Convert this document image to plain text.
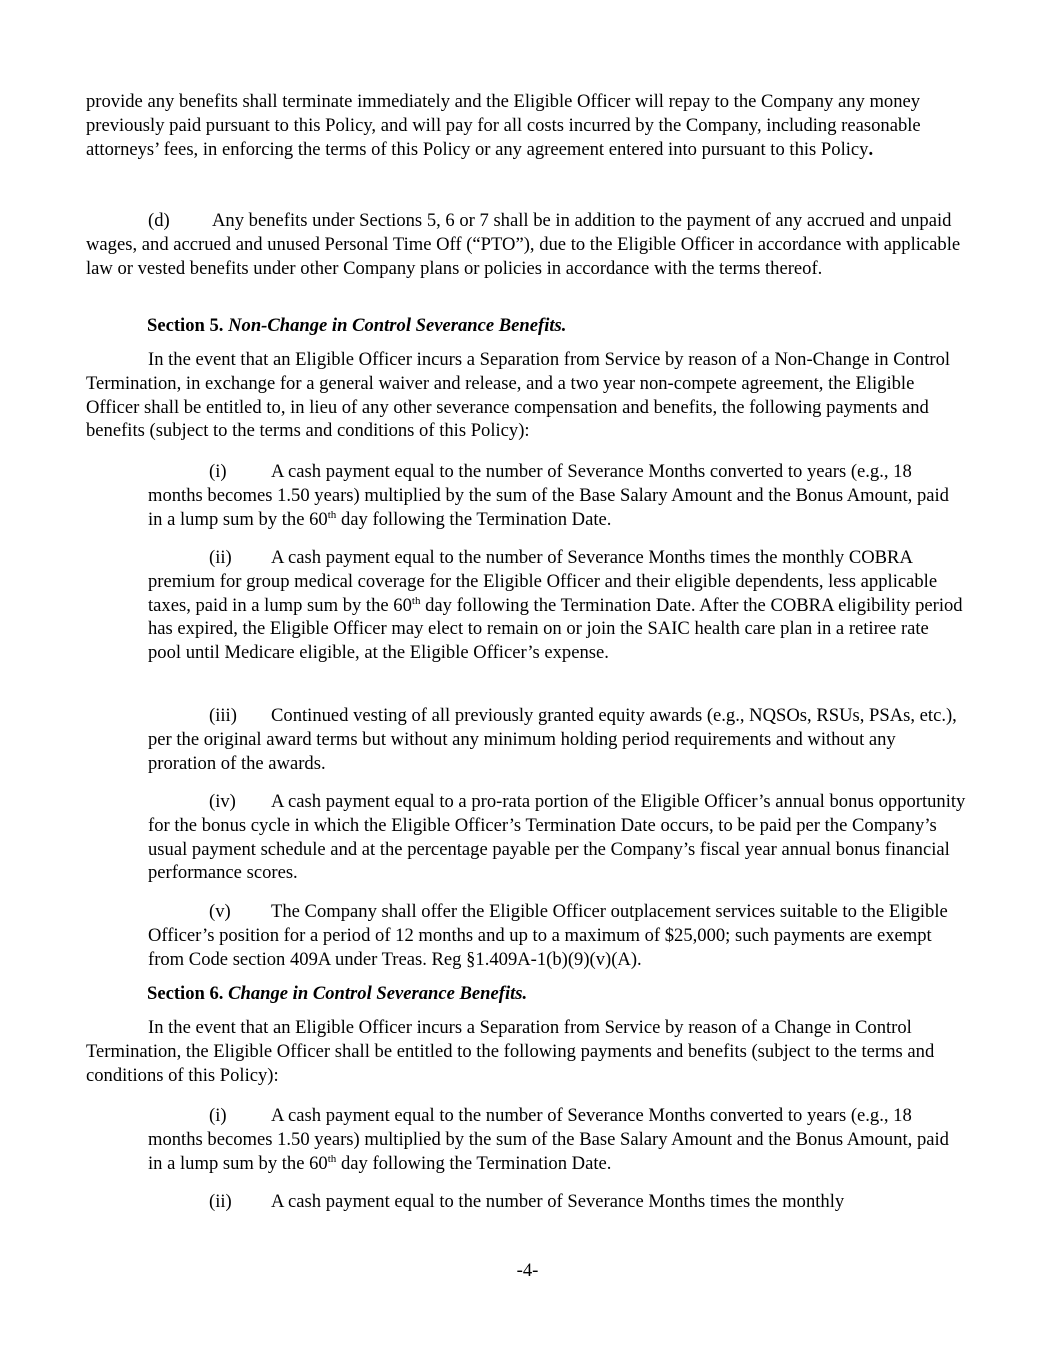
provide any benefits shall terminate immediately and the Eligible Officer will repay to the Company any money previously paid pursuant to this Policy, and will pay for all costs incurred by the Company, including reasonable attorneys’ fees, in enforcing the terms of this Policy or any agreement entered into pursuant to this Policy.

(d) Any benefits under Sections 5, 6 or 7 shall be in addition to the payment of any accrued and unpaid wages, and accrued and unused Personal Time Off (“PTO”), due to the Eligible Officer in accordance with applicable law or vested benefits under other Company plans or policies in accordance with the terms thereof.

Section 5. Non-Change in Control Severance Benefits.

In the event that an Eligible Officer incurs a Separation from Service by reason of a Non-Change in Control Termination, in exchange for a general waiver and release, and a two year non-compete agreement, the Eligible Officer shall be entitled to, in lieu of any other severance compensation and benefits, the following payments and benefits (subject to the terms and conditions of this Policy):

(i) A cash payment equal to the number of Severance Months converted to years (e.g., 18 months becomes 1.50 years) multiplied by the sum of the Base Salary Amount and the Bonus Amount, paid in a lump sum by the 60th day following the Termination Date.

(ii) A cash payment equal to the number of Severance Months times the monthly COBRA premium for group medical coverage for the Eligible Officer and their eligible dependents, less applicable taxes, paid in a lump sum by the 60th day following the Termination Date. After the COBRA eligibility period has expired, the Eligible Officer may elect to remain on or join the SAIC health care plan in a retiree rate pool until Medicare eligible, at the Eligible Officer’s expense.

(iii) Continued vesting of all previously granted equity awards (e.g., NQSOs, RSUs, PSAs, etc.), per the original award terms but without any minimum holding period requirements and without any proration of the awards.

(iv) A cash payment equal to a pro-rata portion of the Eligible Officer’s annual bonus opportunity for the bonus cycle in which the Eligible Officer’s Termination Date occurs, to be paid per the Company’s usual payment schedule and at the percentage payable per the Company’s fiscal year annual bonus financial performance scores.

(v) The Company shall offer the Eligible Officer outplacement services suitable to the Eligible Officer’s position for a period of 12 months and up to a maximum of $25,000; such payments are exempt from Code section 409A under Treas. Reg §1.409A-1(b)(9)(v)(A).

Section 6. Change in Control Severance Benefits.

In the event that an Eligible Officer incurs a Separation from Service by reason of a Change in Control Termination, the Eligible Officer shall be entitled to the following payments and benefits (subject to the terms and conditions of this Policy):

(i) A cash payment equal to the number of Severance Months converted to years (e.g., 18 months becomes 1.50 years) multiplied by the sum of the Base Salary Amount and the Bonus Amount, paid in a lump sum by the 60th day following the Termination Date.

(ii) A cash payment equal to the number of Severance Months times the monthly

-4-
